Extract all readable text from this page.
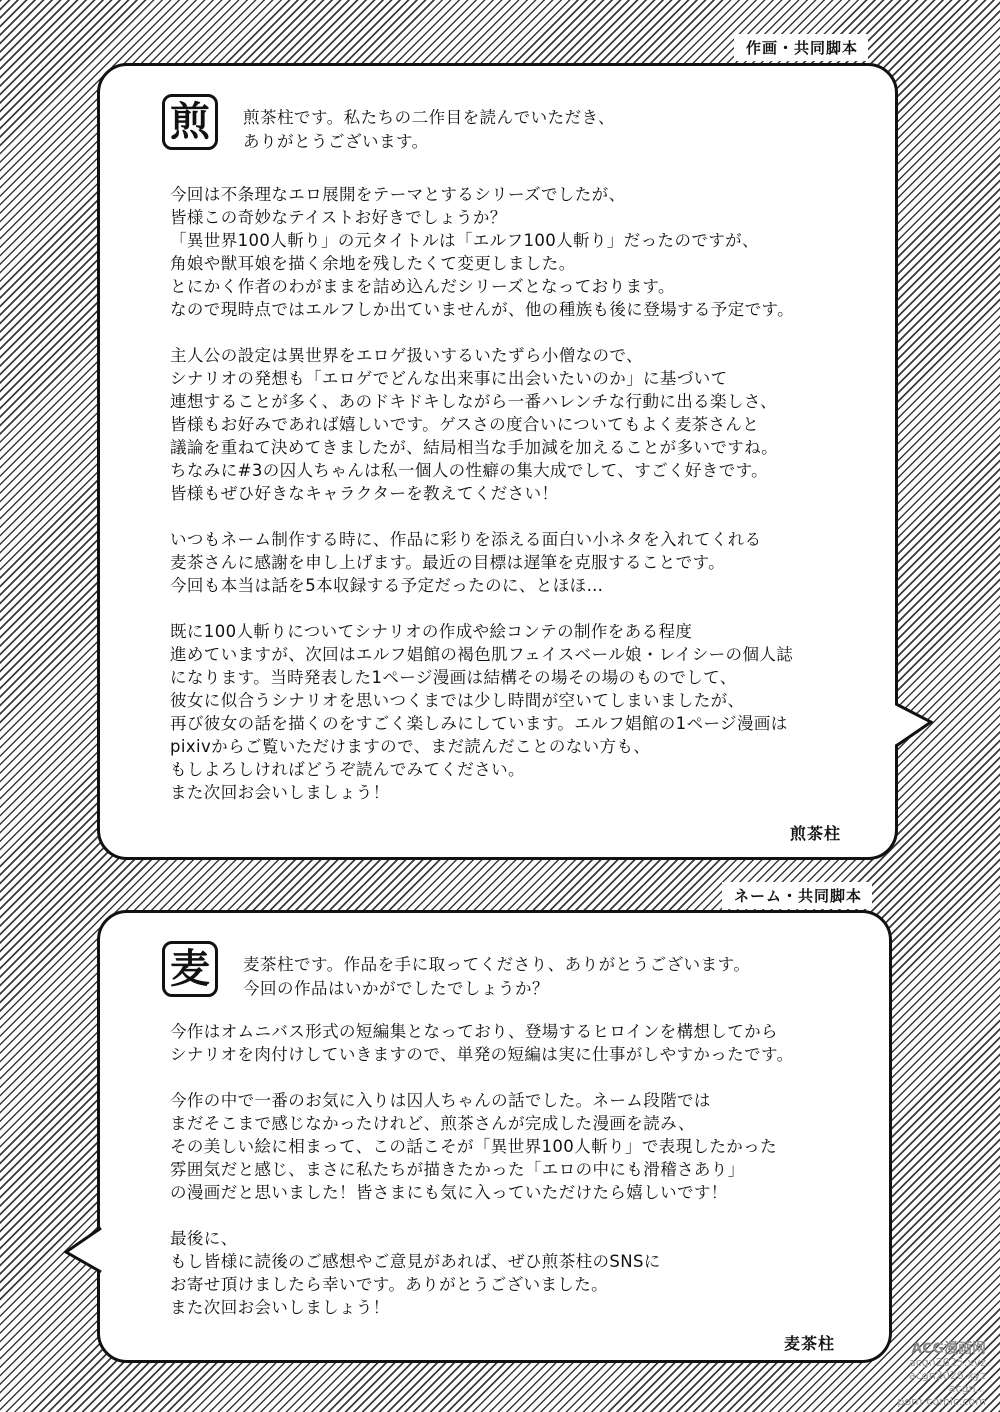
作画・共同脚本
煎 煎茶柱です。私たちの二作目を読んでいただき、
ありがとうございます。
今回は不条理なエロ展開をテーマとするシリーズでしたが、
皆様この奇妙なテイストお好きでしょうか？
「異世界100人斬り」の元タイトルは「エルフ100人斬り」だったのですが、
角娘や獣耳娘を描く余地を残したくて変更しました。
とにかく作者のわがままを詰め込んだシリーズとなっております。
なので現時点ではエルフしか出ていませんが、他の種族も後に登場する予定です。
主人公の設定は異世界をエロゲ扱いするいたずら小僧なので、
シナリオの発想も「エロゲでどんな出来事に出会いたいのか」に基づいて
連想することが多く、あのドキドキしながら一番ハレンチな行動に出る楽しさ、
皆様もお好みであれば嬉しいです。ゲスさの度合いについてもよく麦茶さんと
議論を重ねて決めてきましたが、結局相当な手加減を加えることが多いですね。
ちなみに#3の囚人ちゃんは私一個人の性癖の集大成でして、すごく好きです。
皆様もぜひ好きなキャラクターを教えてください！
いつもネーム制作する時に、作品に彩りを添える面白い小ネタを入れてくれる
麦茶さんに感謝を申し上げます。最近の目標は遅筆を克服することです。
今回も本当は話を5本収録する予定だったのに、とほほ…
既に100人斬りについてシナリオの作成や絵コンテの制作をある程度
進めていますが、次回はエルフ娼館の褐色肌フェイスベール娘・レイシーの個人誌
になります。当時発表した1ページ漫画は結構その場その場のものでして、
彼女に似合うシナリオを思いつくまでは少し時間が空いてしまいましたが、
再び彼女の話を描くのをすごく楽しみにしています。エルフ娼館の1ページ漫画は
pixivからご覧いただけますので、まだ読んだことのない方も、
もしよろしければどうぞ読んでみてください。
また次回お会いしましょう！
煎茶柱
ネーム・共同脚本
麦 麦茶柱です。作品を手に取ってくださり、ありがとうございます。
今回の作品はいかがでしたでしょうか？
今作はオムニバス形式の短編集となっており、登場するヒロインを構想してから
シナリオを肉付けしていきますので、単発の短編は実に仕事がしやすかったです。
今作の中で一番のお気に入りは囚人ちゃんの話でした。ネーム段階では
まだそこまで感じなかったけれど、煎茶さんが完成した漫画を読み、
その美しい絵に相まって、この話こそが「異世界100人斬り」で表現したかった
雰囲気だと感じ、まさに私たちが描きたかった「エロの中にも滑稽さあり」
の漫画だと思いました！皆さまにも気に入っていただけたら嬉しいです！
最後に、
もし皆様に読後のご感想やご意見があれば、ぜひ煎茶柱のSNSに
お寄せ頂けましたら幸いです。ありがとうございました。
また次回お会いしましょう！
麦茶柱	ACG漫画网
acgn2025.xyz
acgn2026.xyz
acgn...
porn-comic.com
